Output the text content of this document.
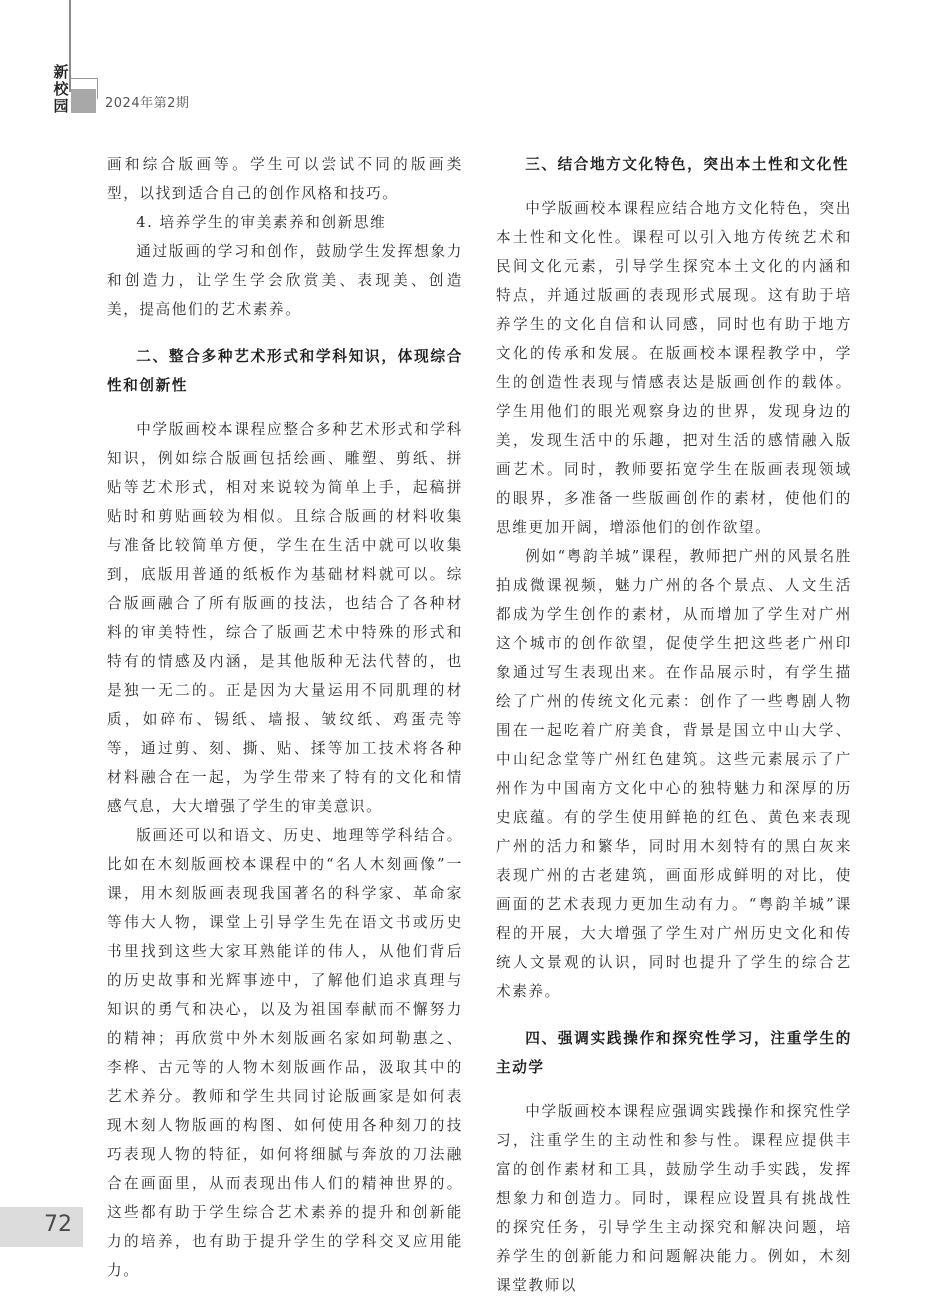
新
校
园	2024年第2期

画和综合版画等。学生可以尝试不同的版画类型，以找到适合自己的创作风格和技巧。

4. 培养学生的审美素养和创新思维

通过版画的学习和创作，鼓励学生发挥想象力和创造力，让学生学会欣赏美、表现美、创造美，提高他们的艺术素养。

二、整合多种艺术形式和学科知识，体现综合性和创新性

中学版画校本课程应整合多种艺术形式和学科知识，例如综合版画包括绘画、雕塑、剪纸、拼贴等艺术形式，相对来说较为简单上手，起稿拼贴时和剪贴画较为相似。且综合版画的材料收集与准备比较简单方便，学生在生活中就可以收集到，底版用普通的纸板作为基础材料就可以。综合版画融合了所有版画的技法，也结合了各种材料的审美特性，综合了版画艺术中特殊的形式和特有的情感及内涵，是其他版种无法代替的，也是独一无二的。正是因为大量运用不同肌理的材质，如碎布、锡纸、墙报、皱纹纸、鸡蛋壳等等，通过剪、刻、撕、贴、揉等加工技术将各种材料融合在一起，为学生带来了特有的文化和情感气息，大大增强了学生的审美意识。

版画还可以和语文、历史、地理等学科结合。比如在木刻版画校本课程中的“名人木刻画像”一课，用木刻版画表现我国著名的科学家、革命家等伟大人物，课堂上引导学生先在语文书或历史书里找到这些大家耳熟能详的伟人，从他们背后的历史故事和光辉事迹中，了解他们追求真理与知识的勇气和决心，以及为祖国奉献而不懈努力的精神；再欣赏中外木刻版画名家如珂勒惠之、李桦、古元等的人物木刻版画作品，汲取其中的艺术养分。教师和学生共同讨论版画家是如何表现木刻人物版画的构图、如何使用各种刻刀的技巧表现人物的特征，如何将细腻与奔放的刀法融合在画面里，从而表现出伟人们的精神世界的。这些都有助于学生综合艺术素养的提升和创新能力的培养，也有助于提升学生的学科交叉应用能力。

三、结合地方文化特色，突出本土性和文化性

中学版画校本课程应结合地方文化特色，突出本土性和文化性。课程可以引入地方传统艺术和民间文化元素，引导学生探究本土文化的内涵和特点，并通过版画的表现形式展现。这有助于培养学生的文化自信和认同感，同时也有助于地方文化的传承和发展。在版画校本课程教学中，学生的创造性表现与情感表达是版画创作的载体。学生用他们的眼光观察身边的世界，发现身边的美，发现生活中的乐趣，把对生活的感情融入版画艺术。同时，教师要拓宽学生在版画表现领域的眼界，多准备一些版画创作的素材，使他们的思维更加开阔，增添他们的创作欲望。

例如“粤韵羊城”课程，教师把广州的风景名胜拍成微课视频，魅力广州的各个景点、人文生活都成为学生创作的素材，从而增加了学生对广州这个城市的创作欲望，促使学生把这些老广州印象通过写生表现出来。在作品展示时，有学生描绘了广州的传统文化元素：创作了一些粤剧人物围在一起吃着广府美食，背景是国立中山大学、中山纪念堂等广州红色建筑。这些元素展示了广州作为中国南方文化中心的独特魅力和深厚的历史底蕴。有的学生使用鲜艳的红色、黄色来表现广州的活力和繁华，同时用木刻特有的黑白灰来表现广州的古老建筑，画面形成鲜明的对比，使画面的艺术表现力更加生动有力。“粤韵羊城”课程的开展，大大增强了学生对广州历史文化和传统人文景观的认识，同时也提升了学生的综合艺术素养。

四、强调实践操作和探究性学习，注重学生的主动学

中学版画校本课程应强调实践操作和探究性学习，注重学生的主动性和参与性。课程应提供丰富的创作素材和工具，鼓励学生动手实践，发挥想象力和创造力。同时，课程应设置具有挑战性的探究任务，引导学生主动探究和解决问题，培养学生的创新能力和问题解决能力。例如，木刻课堂教师以

72
